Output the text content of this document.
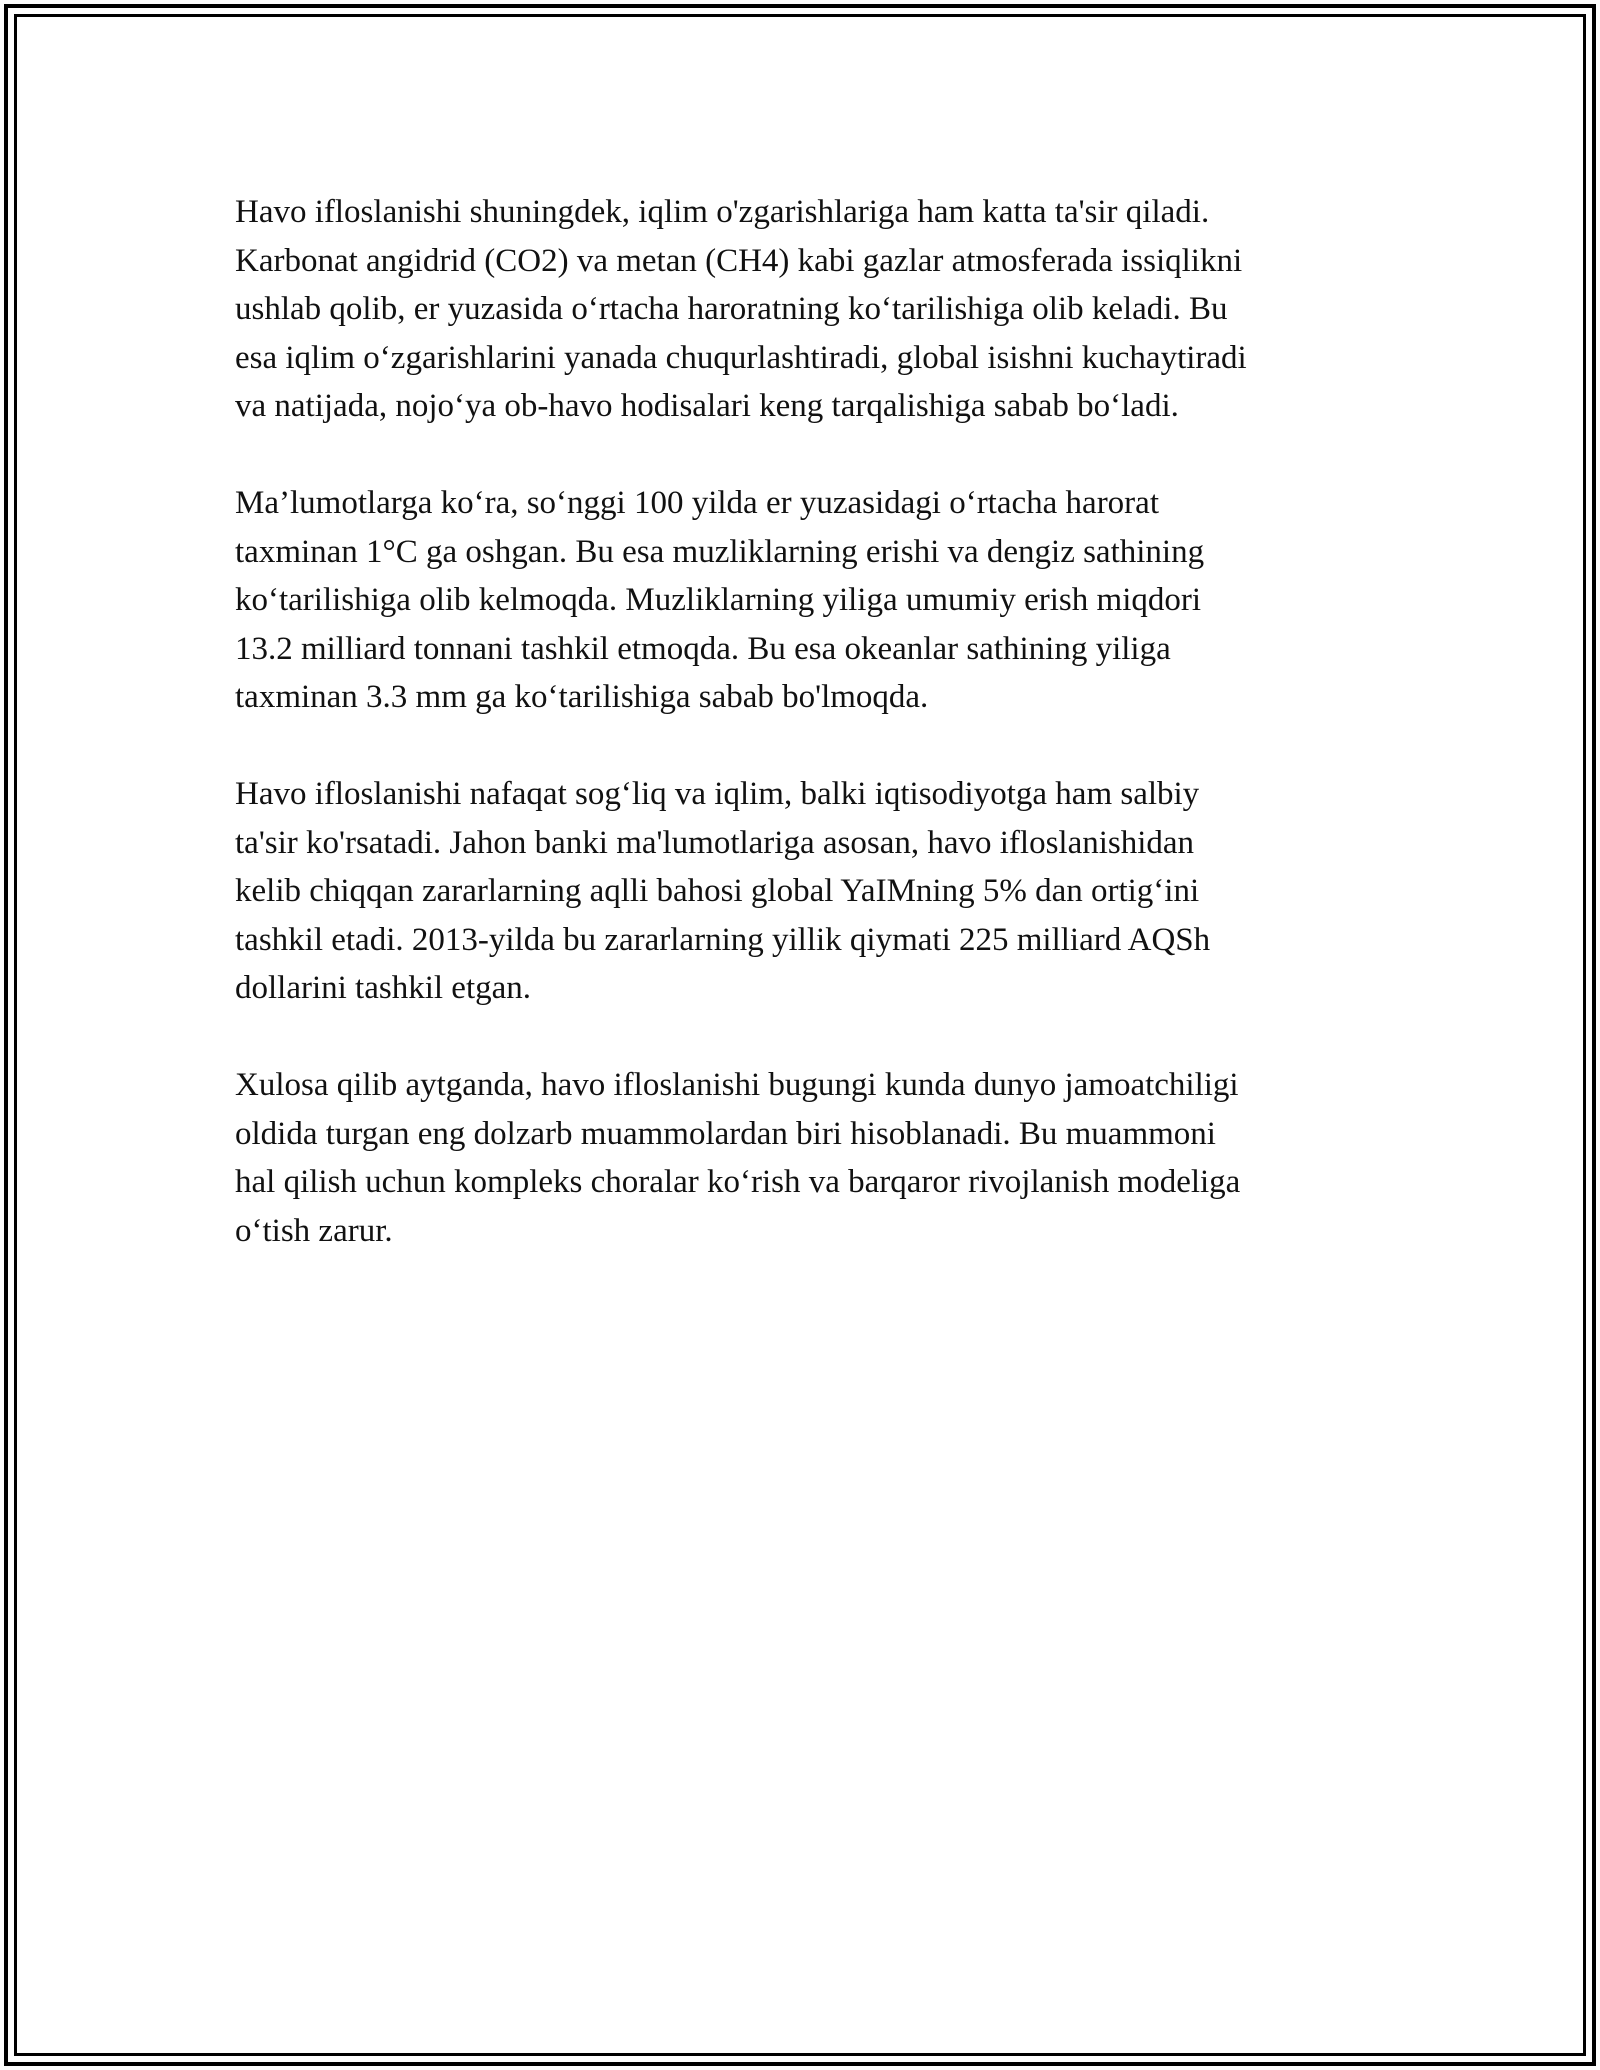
Havo ifloslanishi shuningdek, iqlim o'zgarishlariga ham katta ta'sir qiladi.
Karbonat angidrid (CO2) va metan (CH4) kabi gazlar atmosferada issiqlikni
ushlab qolib, er yuzasida o‘rtacha haroratning ko‘tarilishiga olib keladi. Bu
esa iqlim o‘zgarishlarini yanada chuqurlashtiradi, global isishni kuchaytiradi
va natijada, nojo‘ya ob-havo hodisalari keng tarqalishiga sabab bo‘ladi.

Ma’lumotlarga ko‘ra, so‘nggi 100 yilda er yuzasidagi o‘rtacha harorat
taxminan 1°C ga oshgan. Bu esa muzliklarning erishi va dengiz sathining
ko‘tarilishiga olib kelmoqda. Muzliklarning yiliga umumiy erish miqdori
13.2 milliard tonnani tashkil etmoqda. Bu esa okeanlar sathining yiliga
taxminan 3.3 mm ga ko‘tarilishiga sabab bo'lmoqda.

Havo ifloslanishi nafaqat sog‘liq va iqlim, balki iqtisodiyotga ham salbiy
ta'sir ko'rsatadi. Jahon banki ma'lumotlariga asosan, havo ifloslanishidan
kelib chiqqan zararlarning aqlli bahosi global YaIMning 5% dan ortig‘ini
tashkil etadi. 2013-yilda bu zararlarning yillik qiymati 225 milliard AQSh
dollarini tashkil etgan.

Xulosa qilib aytganda, havo ifloslanishi bugungi kunda dunyo jamoatchiligi
oldida turgan eng dolzarb muammolardan biri hisoblanadi. Bu muammoni
hal qilish uchun kompleks choralar ko‘rish va barqaror rivojlanish modeliga
o‘tish zarur.
